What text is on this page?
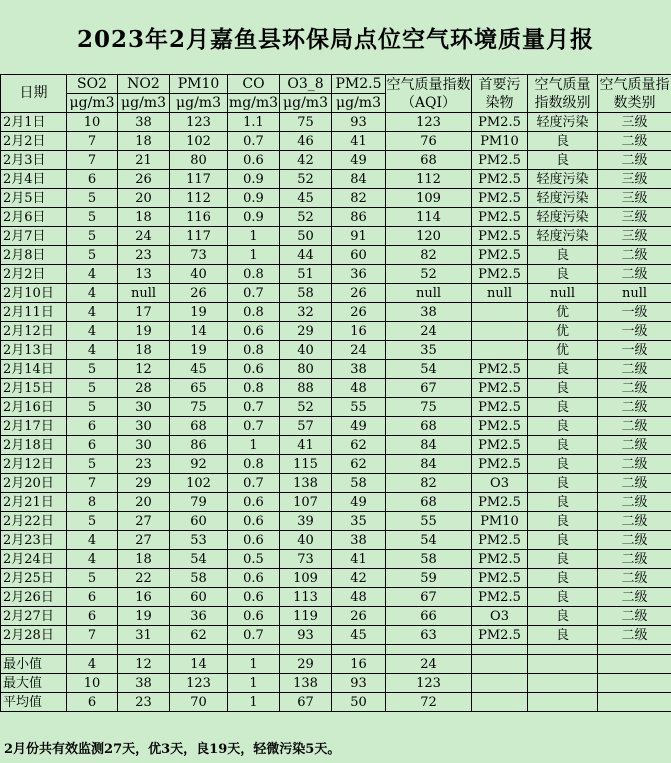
2023年2月嘉鱼县环保局点位空气环境质量月报
日期	SO2	NO2	PM10	CO	O3_8	PM2.5	空气质量指数（AQI）	首要污染物	空气质量指数级别	空气质量指数类别
	μg/m3	μg/m3	μg/m3	mg/m3	μg/m3	μg/m3				
2月1日	10	38	123	1.1	75	93	123	PM2.5	轻度污染	三级
2月2日	7	18	102	0.7	46	41	76	PM10	良	二级
2月3日	7	21	80	0.6	42	49	68	PM2.5	良	二级
2月4日	6	26	117	0.9	52	84	112	PM2.5	轻度污染	三级
2月5日	5	20	112	0.9	45	82	109	PM2.5	轻度污染	三级
2月6日	5	18	116	0.9	52	86	114	PM2.5	轻度污染	三级
2月7日	5	24	117	1	50	91	120	PM2.5	轻度污染	三级
2月8日	5	23	73	1	44	60	82	PM2.5	良	二级
2月2日	4	13	40	0.8	51	36	52	PM2.5	良	二级
2月10日	4	null	26	0.7	58	26	null	null	null	null
2月11日	4	17	19	0.8	32	26	38		优	一级
2月12日	4	19	14	0.6	29	16	24		优	一级
2月13日	4	18	19	0.8	40	24	35		优	一级
2月14日	5	12	45	0.6	80	38	54	PM2.5	良	二级
2月15日	5	28	65	0.8	88	48	67	PM2.5	良	二级
2月16日	5	30	75	0.7	52	55	75	PM2.5	良	二级
2月17日	6	30	68	0.7	57	49	68	PM2.5	良	二级
2月18日	6	30	86	1	41	62	84	PM2.5	良	二级
2月12日	5	23	92	0.8	115	62	84	PM2.5	良	二级
2月20日	7	29	102	0.7	138	58	82	O3	良	二级
2月21日	8	20	79	0.6	107	49	68	PM2.5	良	二级
2月22日	5	27	60	0.6	39	35	55	PM10	良	二级
2月23日	4	27	53	0.6	40	38	54	PM2.5	良	二级
2月24日	4	18	54	0.5	73	41	58	PM2.5	良	二级
2月25日	5	22	58	0.6	109	42	59	PM2.5	良	二级
2月26日	6	16	60	0.6	113	48	67	PM2.5	良	二级
2月27日	6	19	36	0.6	119	26	66	O3	良	二级
2月28日	7	31	62	0.7	93	45	63	PM2.5	良	二级

最小值	4	12	14	1	29	16	24			
最大值	10	38	123	1	138	93	123			
平均值	6	23	70	1	67	50	72			
2月份共有效监测27天，优3天，良19天，轻微污染5天。
